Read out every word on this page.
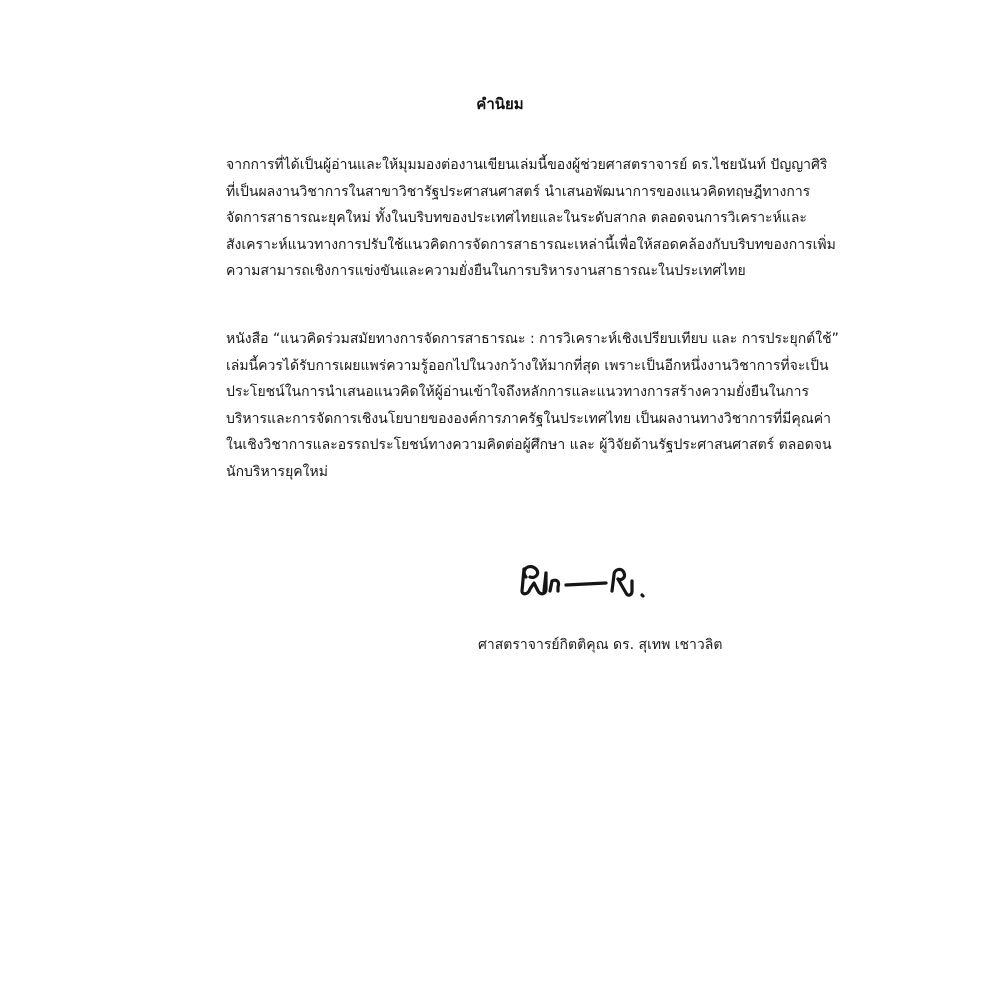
คำนิยม
จากการที่ได้เป็นผู้อ่านและให้มุมมองต่องานเขียนเล่มนี้ของผู้ช่วยศาสตราจารย์ ดร.ไชยนันท์ ปัญญาศิริ
ที่เป็นผลงานวิชาการในสาขาวิชารัฐประศาสนศาสตร์ นำเสนอพัฒนาการของแนวคิดทฤษฎีทางการ
จัดการสาธารณะยุคใหม่ ทั้งในบริบทของประเทศไทยและในระดับสากล ตลอดจนการวิเคราะห์และ
สังเคราะห์แนวทางการปรับใช้แนวคิดการจัดการสาธารณะเหล่านี้เพื่อให้สอดคล้องกับบริบทของการเพิ่ม
ความสามารถเชิงการแข่งขันและความยั่งยืนในการบริหารงานสาธารณะในประเทศไทย
หนังสือ “แนวคิดร่วมสมัยทางการจัดการสาธารณะ : การวิเคราะห์เชิงเปรียบเทียบ และ การประยุกต์ใช้”
เล่มนี้ควรได้รับการเผยแพร่ความรู้ออกไปในวงกว้างให้มากที่สุด เพราะเป็นอีกหนึ่งงานวิชาการที่จะเป็น
ประโยชน์ในการนำเสนอแนวคิดให้ผู้อ่านเข้าใจถึงหลักการและแนวทางการสร้างความยั่งยืนในการ
บริหารและการจัดการเชิงนโยบายขององค์การภาครัฐในประเทศไทย เป็นผลงานทางวิชาการที่มีคุณค่า
ในเชิงวิชาการและอรรถประโยชน์ทางความคิดต่อผู้ศึกษา และ ผู้วิจัยด้านรัฐประศาสนศาสตร์ ตลอดจน
นักบริหารยุคใหม่
ศาสตราจารย์กิตติคุณ ดร. สุเทพ เชาวลิต
